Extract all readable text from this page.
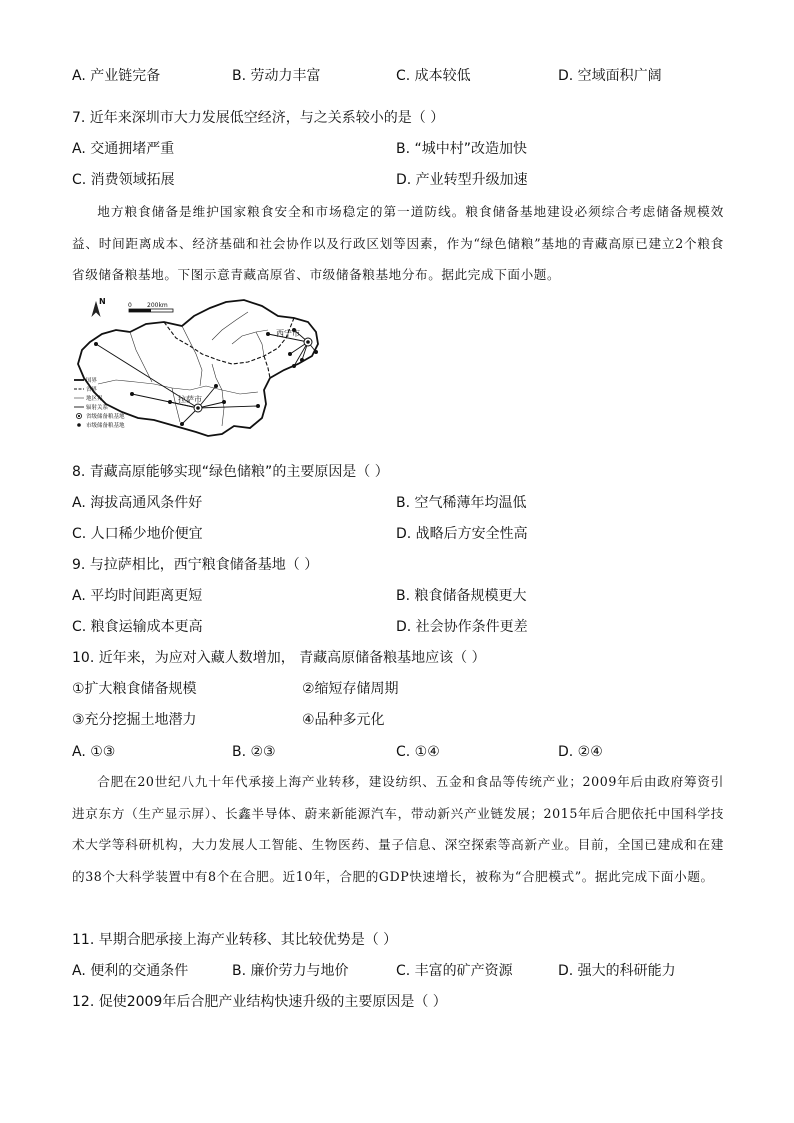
A. 产业链完备	B. 劳动力丰富	C. 成本较低	D. 空域面积广阔
7. 近年来深圳市大力发展低空经济，与之关系较小的是（ ）
A. 交通拥堵严重	B. “城中村”改造加快
C. 消费领域拓展	D. 产业转型升级加速

地方粮食储备是维护国家粮食安全和市场稳定的第一道防线。粮食储备基地建设必须综合考虑储备规模效益、时间距离成本、经济基础和社会协作以及行政区划等因素，作为“绿色储粮”基地的青藏高原已建立2个粮食省级储备粮基地。下图示意青藏高原省、市级储备粮基地分布。据此完成下面小题。

N	0	200km
西宁市
拉萨市
国界
省界
地区界
辐射关系
省级储备粮基地
市级储备粮基地
8. 青藏高原能够实现“绿色储粮”的主要原因是（ ）
A. 海拔高通风条件好	B. 空气稀薄年均温低
C. 人口稀少地价便宜	D. 战略后方安全性高
9. 与拉萨相比，西宁粮食储备基地（ ）
A. 平均时间距离更短	B. 粮食储备规模更大
C. 粮食运输成本更高	D. 社会协作条件更差
10. 近年来，为应对入藏人数增加， 青藏高原储备粮基地应该（ ）
①扩大粮食储备规模	②缩短存储周期
③充分挖掘土地潜力	④品种多元化
A. ①③	B. ②③	C. ①④	D. ②④

合肥在20世纪八九十年代承接上海产业转移，建设纺织、五金和食品等传统产业；2009年后由政府筹资引进京东方（生产显示屏）、长鑫半导体、蔚来新能源汽车，带动新兴产业链发展；2015年后合肥依托中国科学技术大学等科研机构，大力发展人工智能、生物医药、量子信息、深空探索等高新产业。目前，全国已建成和在建的38个大科学装置中有8个在合肥。近10年，合肥的GDP快速增长，被称为“合肥模式”。据此完成下面小题。

11. 早期合肥承接上海产业转移、其比较优势是（ ）
A. 便利的交通条件	B. 廉价劳力与地价	C. 丰富的矿产资源	D. 强大的科研能力
12. 促使2009年后合肥产业结构快速升级的主要原因是（ ）
